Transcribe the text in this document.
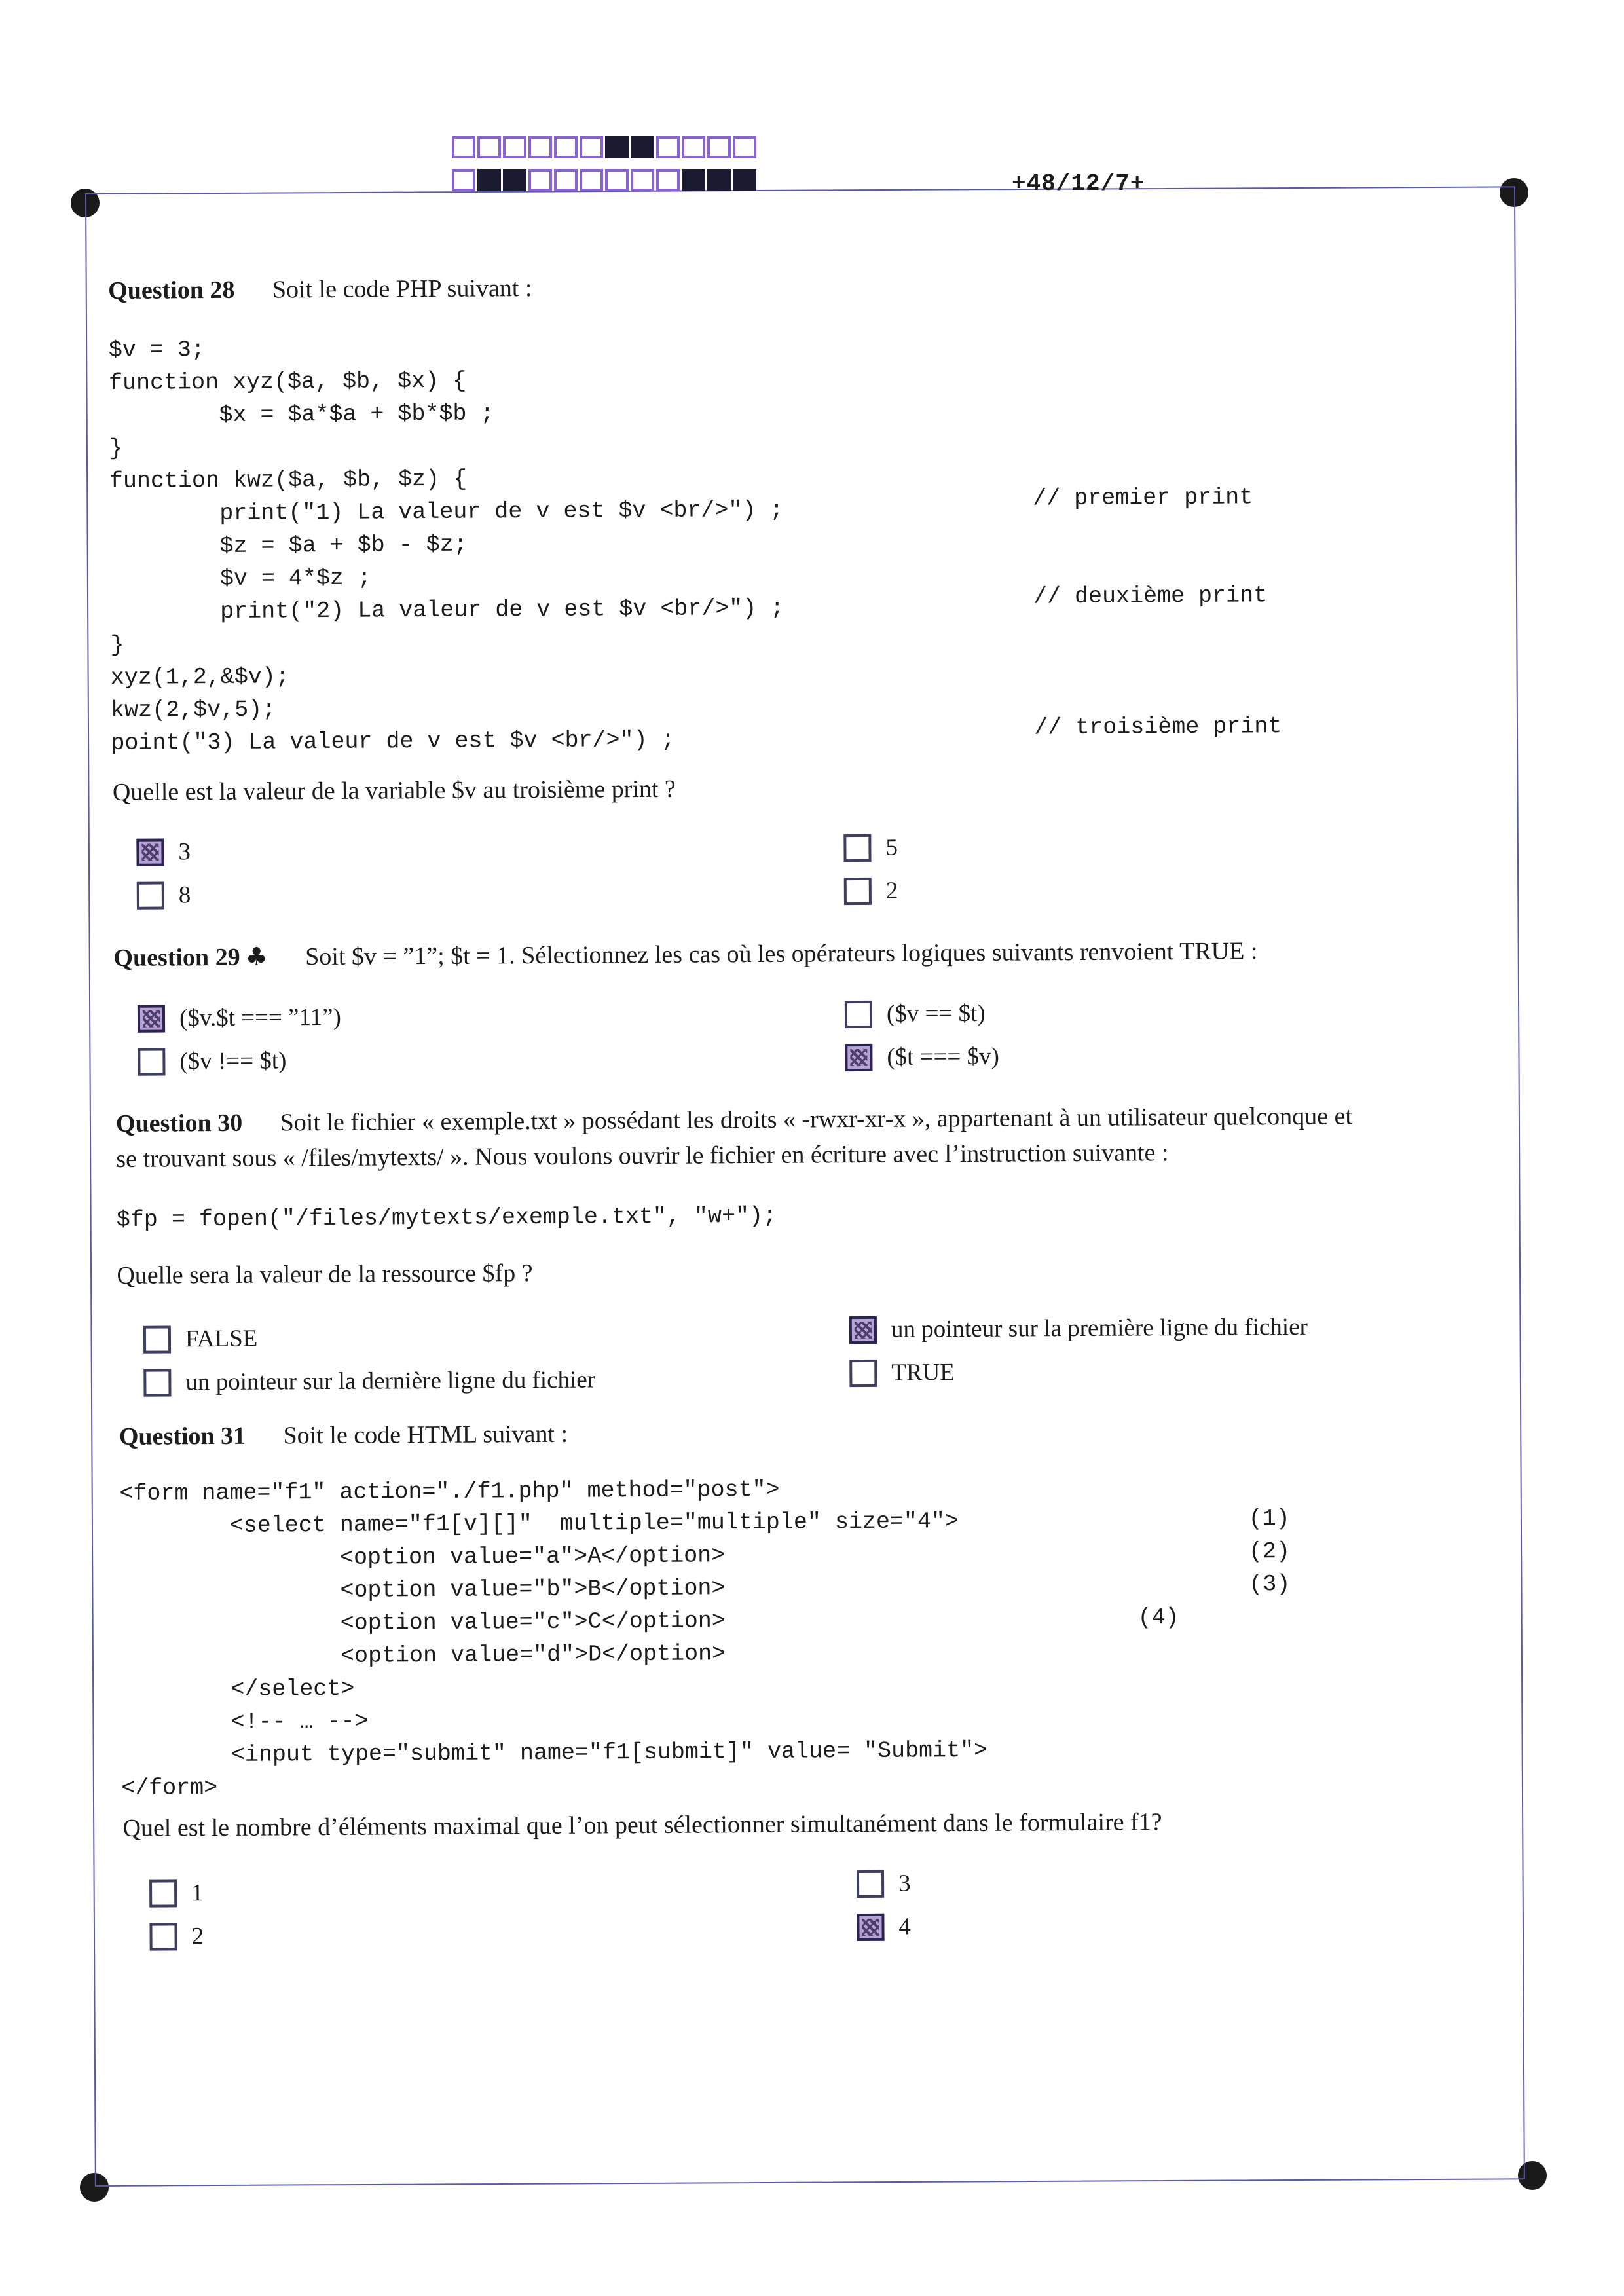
+48/12/7+
Question 28 Soit le code PHP suivant :
$v = 3;
function xyz($a, $b, $x) {
$x = $a*$a + $b*$b ;
}
function kwz($a, $b, $z) {
print("1) La valeur de v est $v <br/>") ;
$z = $a + $b - $z;
$v = 4*$z ;
print("2) La valeur de v est $v <br/>") ;
}
xyz(1,2,&$v);
kwz(2,$v,5);
point("3) La valeur de v est $v <br/>") ;
// premier print
// deuxième print
// troisième print
Quelle est la valeur de la variable $v au troisième print ?
3
8
5
2
Question 29 ♣ Soit $v = ”1”; $t = 1. Sélectionnez les cas où les opérateurs logiques suivants renvoient TRUE :
($v.$t === ”11”)
($v !== $t)
($v == $t)
($t === $v)
Question 30 Soit le fichier « exemple.txt » possédant les droits « -rwxr-xr-x », appartenant à un utilisateur quelconque et
se trouvant sous « /files/mytexts/ ». Nous voulons ouvrir le fichier en écriture avec l’instruction suivante :
$fp = fopen("/files/mytexts/exemple.txt", "w+");
Quelle sera la valeur de la ressource $fp ?
FALSE
un pointeur sur la dernière ligne du fichier
un pointeur sur la première ligne du fichier
TRUE
Question 31 Soit le code HTML suivant :
<form name="f1" action="./f1.php" method="post">
<select name="f1[v][]"  multiple="multiple" size="4">
<option value="a">A</option>
<option value="b">B</option>
<option value="c">C</option>
<option value="d">D</option>
</select>
<!-- … -->
<input type="submit" name="f1[submit]" value= "Submit">
</form>
(1)
(2)
(3)
(4)
Quel est le nombre d’éléments maximal que l’on peut sélectionner simultanément dans le formulaire f1?
1
2
3
4
